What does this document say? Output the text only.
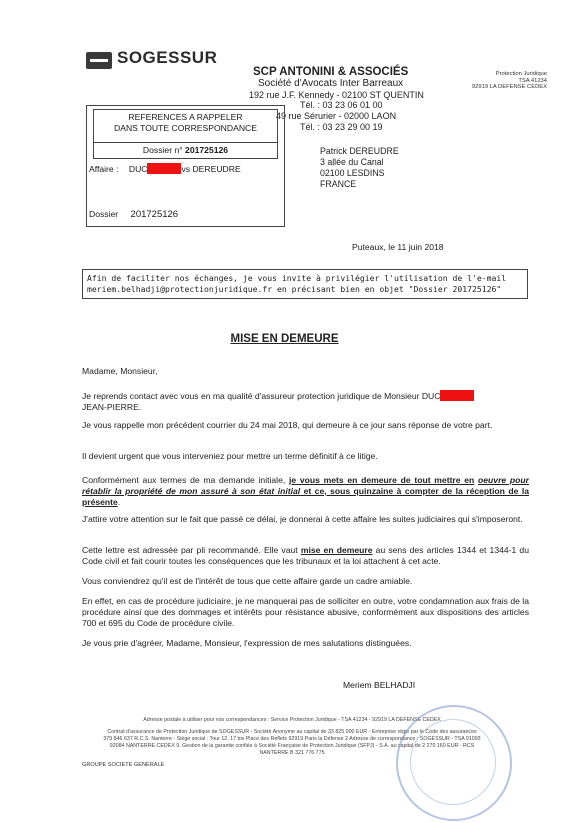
SOGESSUR
SCP ANTONINI & ASSOCIÉS
Société d'Avocats Inter Barreaux
192 rue J.F. Kennedy - 02100 ST QUENTIN
Tél. : 03 23 06 01 00
49 rue Sérurier - 02000 LAON
Tél. : 03 23 29 00 19
Protection Juridique
TSA 41234
92919 LA DEFENSE CEDEX
REFERENCES A RAPPELER
DANS TOUTE CORRESPONDANCE
Dossier n° 201725126
Affaire : DUC	vs DEREUDRE
Dossier 201725126
Patrick DEREUDRE
3 allée du Canal
02100 LESDINS
FRANCE
Puteaux, le 11 juin 2018
Afin de faciliter nos échanges, je vous invite à privilégier l'utilisation de l'e-mail
meriem.belhadji@protectionjuridique.fr en précisant bien en objet "Dossier 201725126"
MISE EN DEMEURE
Madame, Monsieur,
Je reprends contact avec vous en ma qualité d'assureur protection juridique de Monsieur DUC
JEAN-PIERRE.
Je vous rappelle mon précédent courrier du 24 mai 2018, qui demeure à ce jour sans réponse de votre part.
Il devient urgent que vous interveniez pour mettre un terme définitif à ce litige.
Conformément aux termes de ma demande initiale, je vous mets en demeure de tout mettre en oeuvre pour rétablir la propriété de mon assuré à son état initial et ce, sous quinzaine à compter de la réception de la présente.
J'attire votre attention sur le fait que passé ce délai, je donnerai à cette affaire les suites judiciaires qui s'imposeront.
Cette lettre est adressée par pli recommandé. Elle vaut mise en demeure au sens des articles 1344 et 1344-1 du Code civil et fait courir toutes les conséquences que les tribunaux et la loi attachent à cet acte.
Vous conviendrez qu'il est de l'intérêt de tous que cette affaire garde un cadre amiable.
En effet, en cas de procédure judiciaire, je ne manquerai pas de solliciter en outre, votre condamnation aux frais de la procédure ainsi que des dommages et intérêts pour résistance abusive, conformément aux dispositions des articles 700 et 695 du Code de procédure civile.
Je vous prie d'agréer, Madame, Monsieur, l'expression de mes salutations distinguées.
Meriem BELHADJI
Adresse postale à utiliser pour vos correspondances : Service Protection Juridique - TSA 41234 - 92919 LA DEFENSE CEDEX
Contrat d'assurance de Protection Juridique de SOGESSUR - Société Anonyme au capital de 33 825 000 EUR - Entreprise régie par le Code des assurances
379 846 637 R.C.S. Nanterre - Siège social : Tour 12, 17 bis Place des Reflets 92919 Paris la Défense 2 Adresse de correspondance : SOGESSUR - TSA 91093
92084 NANTERRE CEDEX 9. Gestion de la garantie confiée à Société Française de Protection Juridique (SFPJ) - S.A. au capital de 2 270 160 EUR - RCS
NANTERRE B 321 776 775
GROUPE SOCIETE GENERALE
